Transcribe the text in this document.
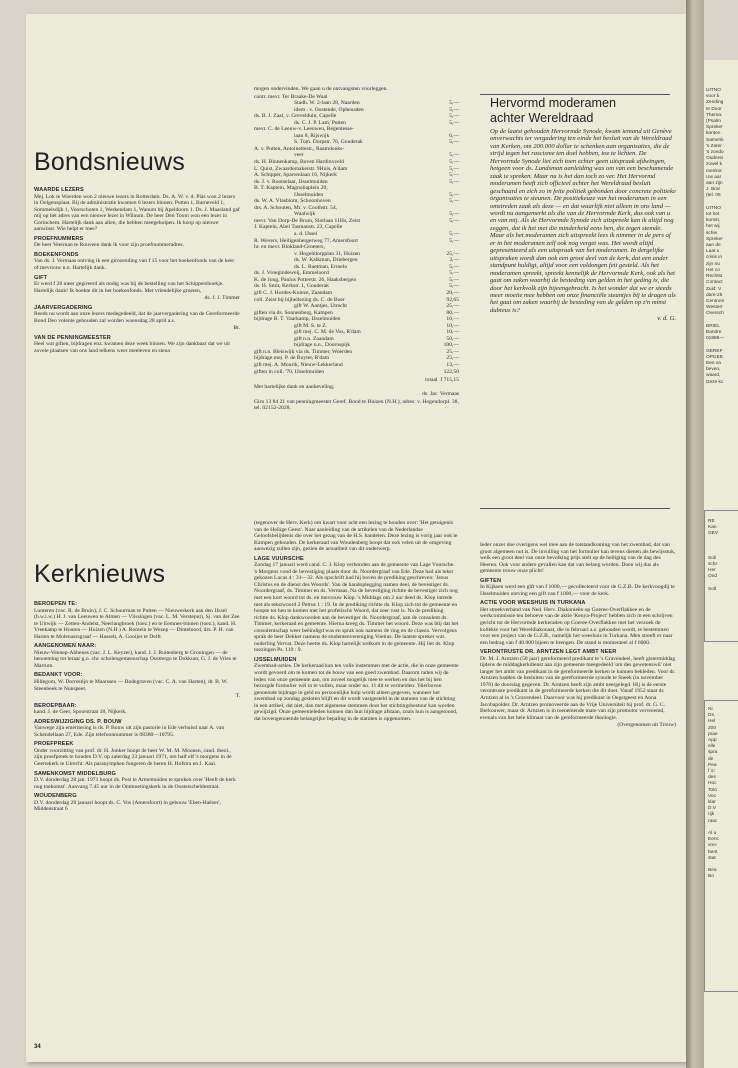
Bondsnieuws
WAARDE LEZERS

Mej. Lok te Woerden won 2 nieuwe lezers in Rotterdam. Ds. A. W. v. d. Plas won 2 lezers in Oolgensplaat. Bij de administratie kwamen 6 lezers binnen: Putten 1, Barneveld 1, Sommelsdijk 1, Voorschoten 1, Werkendam 1, Wanum bij Apeldoorn 1. Ds. J. Maasland gaf mij op het adres van een nieuwe lezer in Wilnum. De heer Den Toom won een lezer in Gorinchem. Hartelijk dank aan allen, die hebben meegeholpen. Ik hoop op nieuwe aanwinst. Wie helpt er mee?

PROEFNUMMERS

De heer Veerman te Rouveen dank ik voor zijn proefnummeradres.

BOEKENFONDS

Van ds. J. Vermaas ontving ik een girozending van f 15 voor het boekenfonds van de heer of mevrouw n.n. Hartelijk dank.

GIFT

Er werd f 28 meer gegireerd als nodig was bij de bestelling van het Schippersboekje. Hartelijk dank! Ik boekte dit in het boekenfonds. Met vriendelijke groeten,

ds. J. J. Timmer

JAARVERGADERING

Reeds nu wordt aan onze lezers medegedeeld, dat de jaarvergadering van de Gereformeerde Bond Deo volente gehouden zal worden woensdag 28 april a.s.

Bt.

VAN DE PENNINGMEESTER

Heel wat giften, bijdragen enz. kwamen deze week binnen. We zijn dankbaar dat we uit zovele plaatsen van ons land telkens weer meeleven en steun

mogen ondervinden. We gaan u de ontvangsten voorleggen.

contr. mevr. Ter Braake-De Waal
Stadh. W. 2-laan 28, Naarden	5,—
idem . v. Oostende, Opheusden	5,—
ds. B. J. Zaal, v. Grevelduin, Capelle	5,—
ds. C. J. P. Lam, Putten	5,—
mevr. C. de Leeuw-v. Leeuwen, Regentesse-
laan 8, Rijswijk	6,—
S. Tom. Dorpstr. 76, Gouderak	5,—
A. v. Putten, Antoinettestr., Raamdonks-
veer	5,—
ds. H. Binnenkamp, Boven Hardinxveld	5,—
L. Quist, Zwaardemakerstr. 9Huis, A'dam	5,—
A. Schipper, Sparrenlaan 16, Nijkerk	5,—
ds. J. v. Rootselaar, IJsselmuiden	5,—
B. T. Kaptein, Magnoliaplein 20,
IJsselmuiden	5,—
ds. W. A. Vlasblom, Schoonhoven	5,—
drs. A. Schouten, Mr. v. Coothstr. 54,
Waalwijk	5,—
mevr. Van Dorp-De Bruin, Slotlaan 11Hs, Zeist	5,—
J. Kaptein, Abel Tasmanstr. 23, Capelle
a. d. IJssel	5,—
R. Wevers, Heiligenbergerweg 77, Amersfoort	5,—
hr. en mevr. Blokland-Groeters,
v. Hogendorpplan 31, Huizen	25,—
ds. W. Kalkman, Driebergen	3,—
ds. L. Raetman, Ermelo	5,—
ds. J. Vroegindeweij, Emmeloord	5,—
K. de Jong, Paulus Potterstr. 26, Haaksbergen	5,—
ds. H. Smit, Kerkstr. 1, Gouderak	5,—
gift C. J. Hordes-Knieze, Zaandam	20,—
coll. Zeist bij bijbellezing ds. C. de Boer	92,65
gift W. Aantjes, Utrecht	25,—
giften via ds. Sonnenberg, Kampen	80,—
bijdrage B. T. Vaarkamp, IJsselmuiden	10,—
gift M. S. te Z.	10,—
gift mej. C. M. de Vos, R'dam	10,—
gift n.n. Zaandam	50,—
bijdrage n.n., Doornspijk	100,—
gift n.n. Bleiswijk via ds. Timmer, Woerden	25,—
bijdrage mej. P. de Ruyter, R'dam	25,—
gift mej. A. Mourik, Nieuw-Lekkerland	13,—
giften in coll. '70, IJsselmuiden	122,50
totaal f 715,15

Met hartelijke dank en aanbeveling,

ds. Jac. Vermaas

Giro 13 84 21 van penningmeester Geref. Bond te Huizen (N.H.), adres: v. Hogendorpl. 38, tel. 02152-2028.

Hervormd moderamen achter Wereldraad

Op de laatst gehouden Hervormde Synode, kwam iemand uit Genève onverwachts ter vergadering ten einde het besluit van de Wereldraad van Kerken, om 200.000 dollar te schenken aan organisaties, die de strijd tegen het rascisme ten doel hebben, toe te lichten. De Hervormde Synode liet zich toen echter geen uitspraak afdwingen, hetgeen voor ds. Landsman aanleiding was om van een beschamende zaak te spreken. Maar nu is het dan toch zo ver. Het Hervormd moderamen heeft zich officieel achter het Wereldraad besluit geschaard en zich zo in feite politiek gebonden door concrete politieke organisaties te steunen. De positiekeuze van het moderamen in een omstreden zaak als deze — en dat waarlijk niet alleen in ons land — wordt nu aangemerkt als die van de Hervormde Kerk, dus ook van u en van mij. Als de Hervormde Synode zich uitspreekt kan ik altijd nog zeggen, dat ik het met die minderheid eens ben, die tegen stemde. Maar als het moderamen zich uitspreekt lees ik nimmer in de pers of er in het moderamen zelf ook nog verget was. Het wordt altijd gepresenteerd als een uitspraak van het moderamen. In dergelijke uitspraken wordt dan ook een groot deel van de kerk, dat een ander standpunt huldigt, altijd voor een voldongen feit gesteld. Als het moderamen spreekt, spreekt kennelijk de Hervormde Kerk, ook als het gaat om zaken waarbij de besteding van gelden in het geding is, die door het kerkvolk zijn bijeengebracht. Is het wonder dat we er steeds meer moeite mee hebben om onze financiële steuntjes bij te dragen als het gaat om zaken waarbij de besteding van de gelden op z'n minst dubieus is?

v. d. G.

Kerknieuws
BEROEPEN TE:

Lunteren (vac. R. de Bruin), J. C. Schuurman te Putten — Nieuwerkerk aan den IJssel (b.w.i.w.) H. J. van Leeuwen te Almen — Vlissingen (vac. L. M. Versteput), Sj. van der Zee te Uitwijk — Zetten-Andelst, Neerlangbroek (toez.) en te Eemnes-binnen (toez.), kand. H. Vreekamp te Houten — Huizen (N.H.) A. Romein te Wezep — Dinteloord, drs. P. H. van Harten te Molenaarsgraaf — Hasselt, A. Gooijer te Delft

AANGENOMEN NAAR:

Nieuw-Vennep-Abbenes (vac. J. L. Keyzer), kand. J. J. Ruitenberg te Groningen — de benoeming tot leraar g.o. chr. scholengemeenschap Oosttergo te Dokkum, G. J. de Vries te Marrum.

BEDANKT VOOR:

Hillegom, W. Dorrestijn te Maarssen — Bodegraven (vac. C. A. van Harten), dr. B. W. Steenbeek te Nunspeet.

T.

BEROEPBAAR:

kand. J. de Geer, Spoorstraat 18, Nijkerk.

ADRESWIJZIGING DS. P. BOUW

Vanwege zijn emeritering is ds. P. Bouw uit zijn pastorie in Ede verhuisd naar A. van Schendellaan 27, Ede. Zijn telefoonnummer is 08380—10795.

PROEFPREEK

Onder voorzitting van prof. dr. H. Jonker hoopt de heer W. M. M. Moonen, cand. theol., zijn proefpreek te houden D.V. op zaterdag 23 januari 1971, om half elf 's morgens in de Geertekerk te Utrecht. Als paranymphen fungeren de heren H. Hofstra en J. Kaai.

SAMENKOMST MIDDELBURG

D.V. donderdag 28 jan. 1971 hoopt ds. Post te Armemuiden te spreken over 'Heeft de kerk nog toekomst'. Aanvang 7.45 uur in de Ontmoetingskerk in de Oosterscheldestraat.

WOUDENBERG

D.V. donderdag 28 januari hoopt ds. C. Vos (Amersfoort) in gebouw 'Eben-Haëzer', Middenstraat 6

(tegenover de Herv. Kerk) om kwart voor acht een lezing te houden over: 'Het getuigenis van de Heilige Geest'. Naar aanleiding van de artikelen van de Nederlandse Geloofsbelijdenis die over het gezag van de H.S. handelen. Deze lezing is vorig jaar ook te Kampen gehouden. De kerkeraad van Woudenberg hoopt dat ook velen uit de omgeving aanwezig zullen zijn, gezien de actualiteit van dit onderwerp.

LAGE VUURSCHE

Zondag 17 januari werd cand. C. J. Klop verbonden aan de gemeente van Lage Vuursche. 's Morgens vond de bevestiging plaats door ds. Noordergraaf van Ede. Deze had als tekst gekozen Lucas 4 : 31—32. Als opschrift had hij boven de prediking geschreven: 'Jezus Christus en de dienst des Woords'. Van de handoplegging namen deel, de bevestiger ds. Noordergraaf, ds. Timmer en ds. Vermaas. Na de bevestiging richtte de bevestiger zich nog met een kort woord tot ds. en mevrouw Klop. 's Middags om 2 uur deed ds. Klop intrede met als tekstwoord 2 Petrus 1 : 19. In de prediking richtte ds. Klop zich tot de gemeente en hoopte tot hen te komen met het profetische Woord, dat zeer vast is. Na de prediking richtte ds. Klop dankwoorden aan de bevestiger ds. Noordergraaf, aan de consulent ds. Timmer, kerkeraad en gemeente. Hierna kreeg ds. Timmer het woord. Deze was blij dat het consulentschap weer beëindigd was en sprak ook namens de ring en de classis. Vervolgens sprak de heer Dekker namens de studentenvereniging Voetius. De laatste spreker was ouderling Vervat. Deze heette ds. Klop hartelijk welkom in de gemeente. Hij liet ds. Klop toezingen Ps. 119 : 9.

IJSSELMUIDEN

Zwembad-acties. De kerkeraad kan ten volle instemmen met de actie, die in onze gemeente wordt gevoerd om te komen tot de bouw van een goed zwembad. Daarom raden wij de leden van onze gemeente aan, om zoveel mogelijk mee te werken en dus het bij hen bezorgde formulier wél in te vullen, maar onder no. 11 dit te vermelden: 'Hierboven genoemde bijdrage in geld en persoonlijke hulp wordt alleen gegeven, wanneer het zwembad op zondag gesloten blijft en dit wordt vastgesteld in de statuten van de stichting in een artikel, dat niet, dan met algemene stemmen door het stichtingsbestuur kan worden gewijzigd. Onze gemeenteleden kunnen dan hun bijdrage afstaan, zoals hun is aangetoond, dat bovengenoemde belangrijke bepaling in de statuten is opgenomen.

Ieder onzer doe overigens wel mee aan de totstandkoming van het zwembad, dat van groot algemeen nut is. De invulling van het formulier kan tevens dienen als bewijsstuk, welk een groot deel van onze bevolking prijs stelt op de heiliging van de dag des Heeren. Ook voor andere gevallen kan dat van belang worden. Doen wij dus als gemeente trouw onze plicht!

GIFTEN

In Kijksen werd een gift van f 1000,— gecollecteerd voor de G.Z.B. De kerkvoogdij te IJsselmuiden ontving een gift van f 1000,— voor de kerk.

ACTIE VOOR WEESHUIS IN TURKANA

Het streekverband van Ned. Herv. Diakonieën op Goeree-Overflakkee en de werkcommissie ten behoeve van de aktie 'Kenya-Project' hebben zich in een schrijven gericht tot de Hervormde kerkeraden op Goeree-Overflakkee met het verzoek de kollekte voor het Wereldiakonaat, die in februari a.s. gehouden wordt, te bestemmen voor een project van de G.Z.B., namelijk het weeshuis in Turkana. Men streeft er naar een bedrag van f 40.000 bijeen te brengen. De stand is momenteel al f 6000.

VERONTRUSTE DR. ARNTZEN LEGT AMBT NEER

Dr. M. J. Arntzen (58 jaar) gereformeerd predikant te 's Gravendeel, heeft gistermiddag tijdens de middagkerkdienst aan zijn gemeente meegedeeld 'om des gewetenswil' niet langer het ambt van predikant in de gereformeerde kerken te kunnen bekleden. Voor dr. Arntzen hadden de besluiten van de gereformeerde synode te Sneek (in november 1970) de doorslag gegeven. Dr. Arntzen heeft zijn ambt neergelegd. Hij is de eerste verontruste predikant in de gereformeerde kerken die dit doet. Vanaf 1952 staat dr. Arntzen al in 's Gravendeel. Daarvoor was hij predikant in Oegstgeest en Anna Jacobapolder. Dr. Arntzen promoveerde aan de Vrije Universiteit bij prof. dr. G. C. Berkouwer, maar dr. Arntzen is in toenemende mate van zijn promotor vervreemd, evenals van het hele klimaat van de gereformeerde theologie.

(Overgenomen uit Trouw)

34
UITNO
voor b
Zending
te Door
Thema:
(Psalm
Spreker
kanten
Samenk
's Zater
's zondo
Ouderei
zowel k
menkor
Uw aar
aan zijn
J. Brar
(tel. 05

UITNO
tot het
komst,
het wij
schie.
Spreker
aan de
Laat u
crisis in
zijn nu
Het co
Rechtst
Contact
Zuid: V
dam-25
Centrum
Westerr
Oversch

BRIEL
Bandre
01886—

GEREF
OPGEE
Een va
beven,
waard,
Deze kc
RE
Kan
GEV
Soli
schr
Her
Ond

Soll
Ni
Ds.
Hel
200
prae
App
elle
spra
de
Pea
f 1!
des
Hoc
Toto
Voc
klar
D.V
rijk
raac

Al u
Eenc
voo-
bent
stat

Bea
Bo
